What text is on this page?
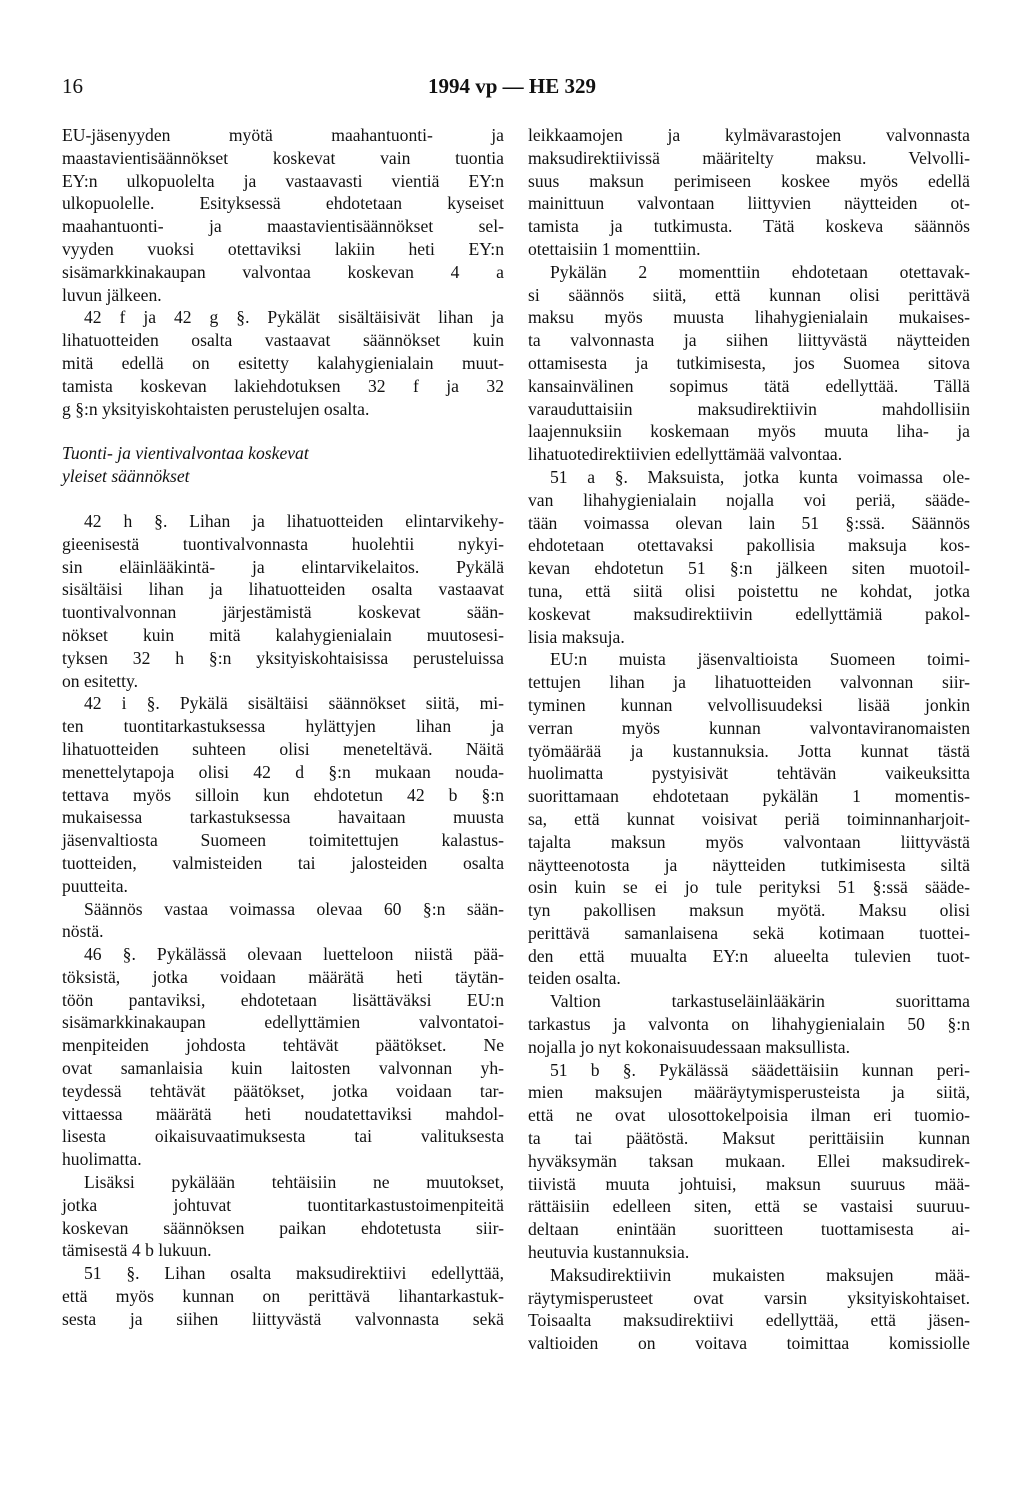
16	1994 vp — HE 329
EU-jäsenyyden myötä maahantuonti- ja
maastavientisäännökset koskevat vain tuontia
EY:n ulkopuolelta ja vastaavasti vientiä EY:n
ulkopuolelle. Esityksessä ehdotetaan kyseiset
maahantuonti- ja maastavientisäännökset sel-
vyyden vuoksi otettaviksi lakiin heti EY:n
sisämarkkinakaupan valvontaa koskevan 4 a
luvun jälkeen.
42 f ja 42 g §. Pykälät sisältäisivät lihan ja
lihatuotteiden osalta vastaavat säännökset kuin
mitä edellä on esitetty kalahygienialain muut-
tamista koskevan lakiehdotuksen 32 f ja 32
g §:n yksityiskohtaisten perustelujen osalta.
Tuonti- ja vientivalvontaa koskevat
yleiset säännökset
42 h §. Lihan ja lihatuotteiden elintarvikehy-
gieenisestä tuontivalvonnasta huolehtii nykyi-
sin eläinlääkintä- ja elintarvikelaitos. Pykälä
sisältäisi lihan ja lihatuotteiden osalta vastaavat
tuontivalvonnan järjestämistä koskevat sään-
nökset kuin mitä kalahygienialain muutosesi-
tyksen 32 h §:n yksityiskohtaisissa perusteluissa
on esitetty.
42 i §. Pykälä sisältäisi säännökset siitä, mi-
ten tuontitarkastuksessa hylättyjen lihan ja
lihatuotteiden suhteen olisi meneteltävä. Näitä
menettelytapoja olisi 42 d §:n mukaan nouda-
tettava myös silloin kun ehdotetun 42 b §:n
mukaisessa tarkastuksessa havaitaan muusta
jäsenvaltiosta Suomeen toimitettujen kalastus-
tuotteiden, valmisteiden tai jalosteiden osalta
puutteita.
Säännös vastaa voimassa olevaa 60 §:n sään-
nöstä.
46 §. Pykälässä olevaan luetteloon niistä pää-
töksistä, jotka voidaan määrätä heti täytän-
töön pantaviksi, ehdotetaan lisättäväksi EU:n
sisämarkkinakaupan edellyttämien valvontatoi-
menpiteiden johdosta tehtävät päätökset. Ne
ovat samanlaisia kuin laitosten valvonnan yh-
teydessä tehtävät päätökset, jotka voidaan tar-
vittaessa määrätä heti noudatettaviksi mahdol-
lisesta oikaisuvaatimuksesta tai valituksesta
huolimatta.
Lisäksi pykälään tehtäisiin ne muutokset,
jotka johtuvat tuontitarkastustoimenpiteitä
koskevan säännöksen paikan ehdotetusta siir-
tämisestä 4 b lukuun.
51 §. Lihan osalta maksudirektiivi edellyttää,
että myös kunnan on perittävä lihantarkastuk-
sesta ja siihen liittyvästä valvonnasta sekä
leikkaamojen ja kylmävarastojen valvonnasta
maksudirektiivissä määritelty maksu. Velvolli-
suus maksun perimiseen koskee myös edellä
mainittuun valvontaan liittyvien näytteiden ot-
tamista ja tutkimusta. Tätä koskeva säännös
otettaisiin 1 momenttiin.
Pykälän 2 momenttiin ehdotetaan otettavak-
si säännös siitä, että kunnan olisi perittävä
maksu myös muusta lihahygienialain mukaises-
ta valvonnasta ja siihen liittyvästä näytteiden
ottamisesta ja tutkimisesta, jos Suomea sitova
kansainvälinen sopimus tätä edellyttää. Tällä
varauduttaisiin maksudirektiivin mahdollisiin
laajennuksiin koskemaan myös muuta liha- ja
lihatuotedirektiivien edellyttämää valvontaa.
51 a §. Maksuista, jotka kunta voimassa ole-
van lihahygienialain nojalla voi periä, sääde-
tään voimassa olevan lain 51 §:ssä. Säännös
ehdotetaan otettavaksi pakollisia maksuja kos-
kevan ehdotetun 51 §:n jälkeen siten muotoil-
tuna, että siitä olisi poistettu ne kohdat, jotka
koskevat maksudirektiivin edellyttämiä pakol-
lisia maksuja.
EU:n muista jäsenvaltioista Suomeen toimi-
tettujen lihan ja lihatuotteiden valvonnan siir-
tyminen kunnan velvollisuudeksi lisää jonkin
verran myös kunnan valvontaviranomaisten
työmäärää ja kustannuksia. Jotta kunnat tästä
huolimatta pystyisivät tehtävän vaikeuksitta
suorittamaan ehdotetaan pykälän 1 momentis-
sa, että kunnat voisivat periä toiminnanharjoit-
tajalta maksun myös valvontaan liittyvästä
näytteenotosta ja näytteiden tutkimisesta siltä
osin kuin se ei jo tule perityksi 51 §:ssä sääde-
tyn pakollisen maksun myötä. Maksu olisi
perittävä samanlaisena sekä kotimaan tuottei-
den että muualta EY:n alueelta tulevien tuot-
teiden osalta.
Valtion tarkastuseläinlääkärin suorittama
tarkastus ja valvonta on lihahygienialain 50 §:n
nojalla jo nyt kokonaisuudessaan maksullista.
51 b §. Pykälässä säädettäisiin kunnan peri-
mien maksujen määräytymisperusteista ja siitä,
että ne ovat ulosottokelpoisia ilman eri tuomio-
ta tai päätöstä. Maksut perittäisiin kunnan
hyväksymän taksan mukaan. Ellei maksudirek-
tiivistä muuta johtuisi, maksun suuruus mää-
rättäisiin edelleen siten, että se vastaisi suuruu-
deltaan enintään suoritteen tuottamisesta ai-
heutuvia kustannuksia.
Maksudirektiivin mukaisten maksujen mää-
räytymisperusteet ovat varsin yksityiskohtaiset.
Toisaalta maksudirektiivi edellyttää, että jäsen-
valtioiden on voitava toimittaa komissiolle
